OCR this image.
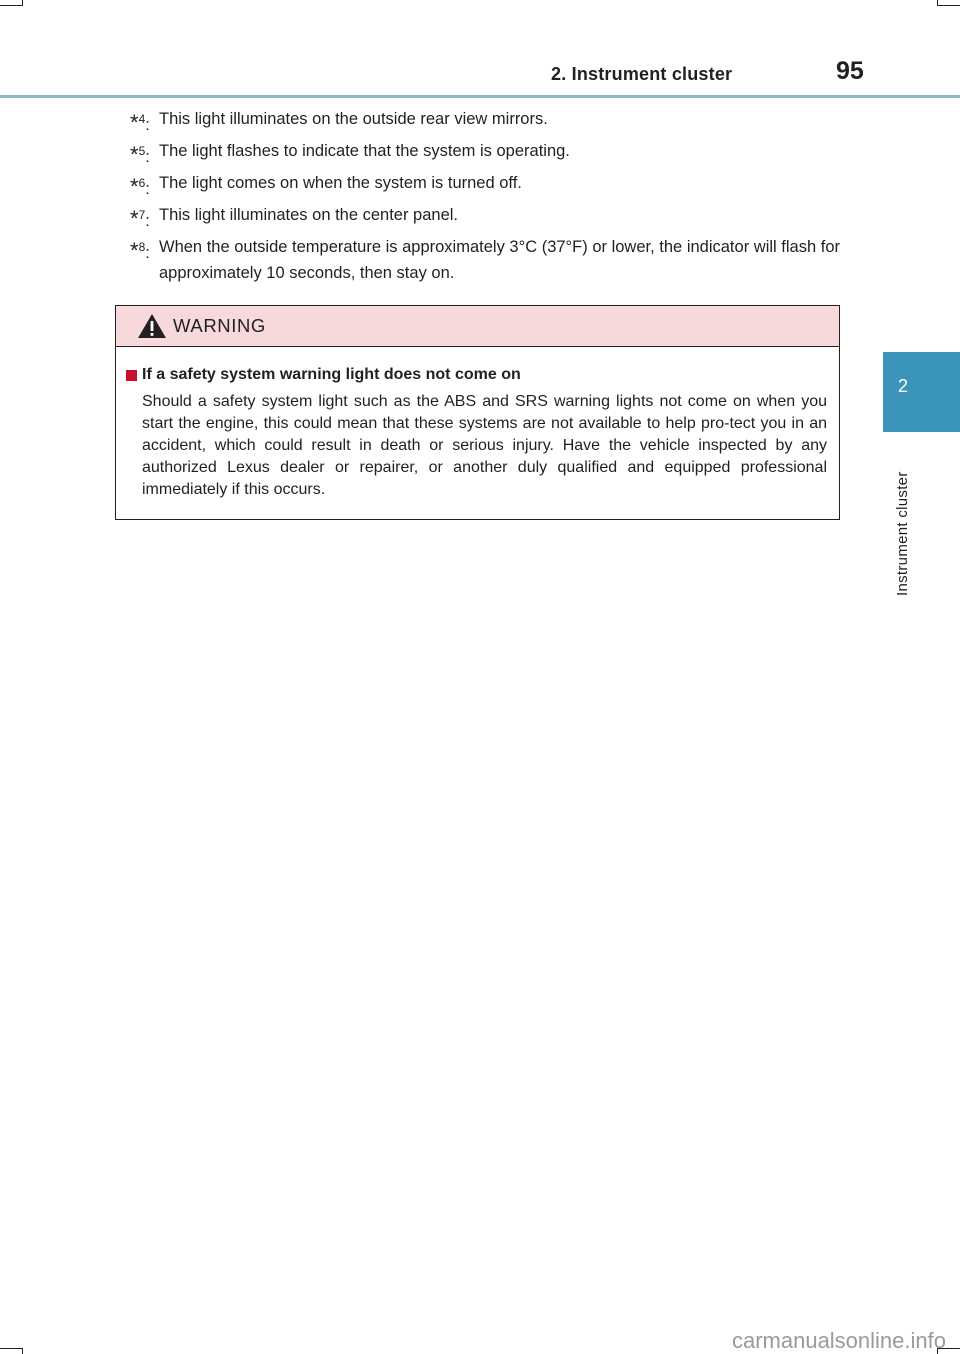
2. Instrument cluster	95
2
Instrument cluster
*$^4$: This light illuminates on the outside rear view mirrors.
*$^5$: The light flashes to indicate that the system is operating.
*$^6$: The light comes on when the system is turned off.
*$^7$: This light illuminates on the center panel.
*$^8$: When the outside temperature is approximately 3°C (37°F) or lower, the indicator will flash for approximately 10 seconds, then stay on.
WARNING
If a safety system warning light does not come on
Should a safety system light such as the ABS and SRS warning lights not come on when you start the engine, this could mean that these systems are not available to help pro-tect you in an accident, which could result in death or serious injury. Have the vehicle inspected by any authorized Lexus dealer or repairer, or another duly qualified and equipped professional immediately if this occurs.
carmanualsonline.info
